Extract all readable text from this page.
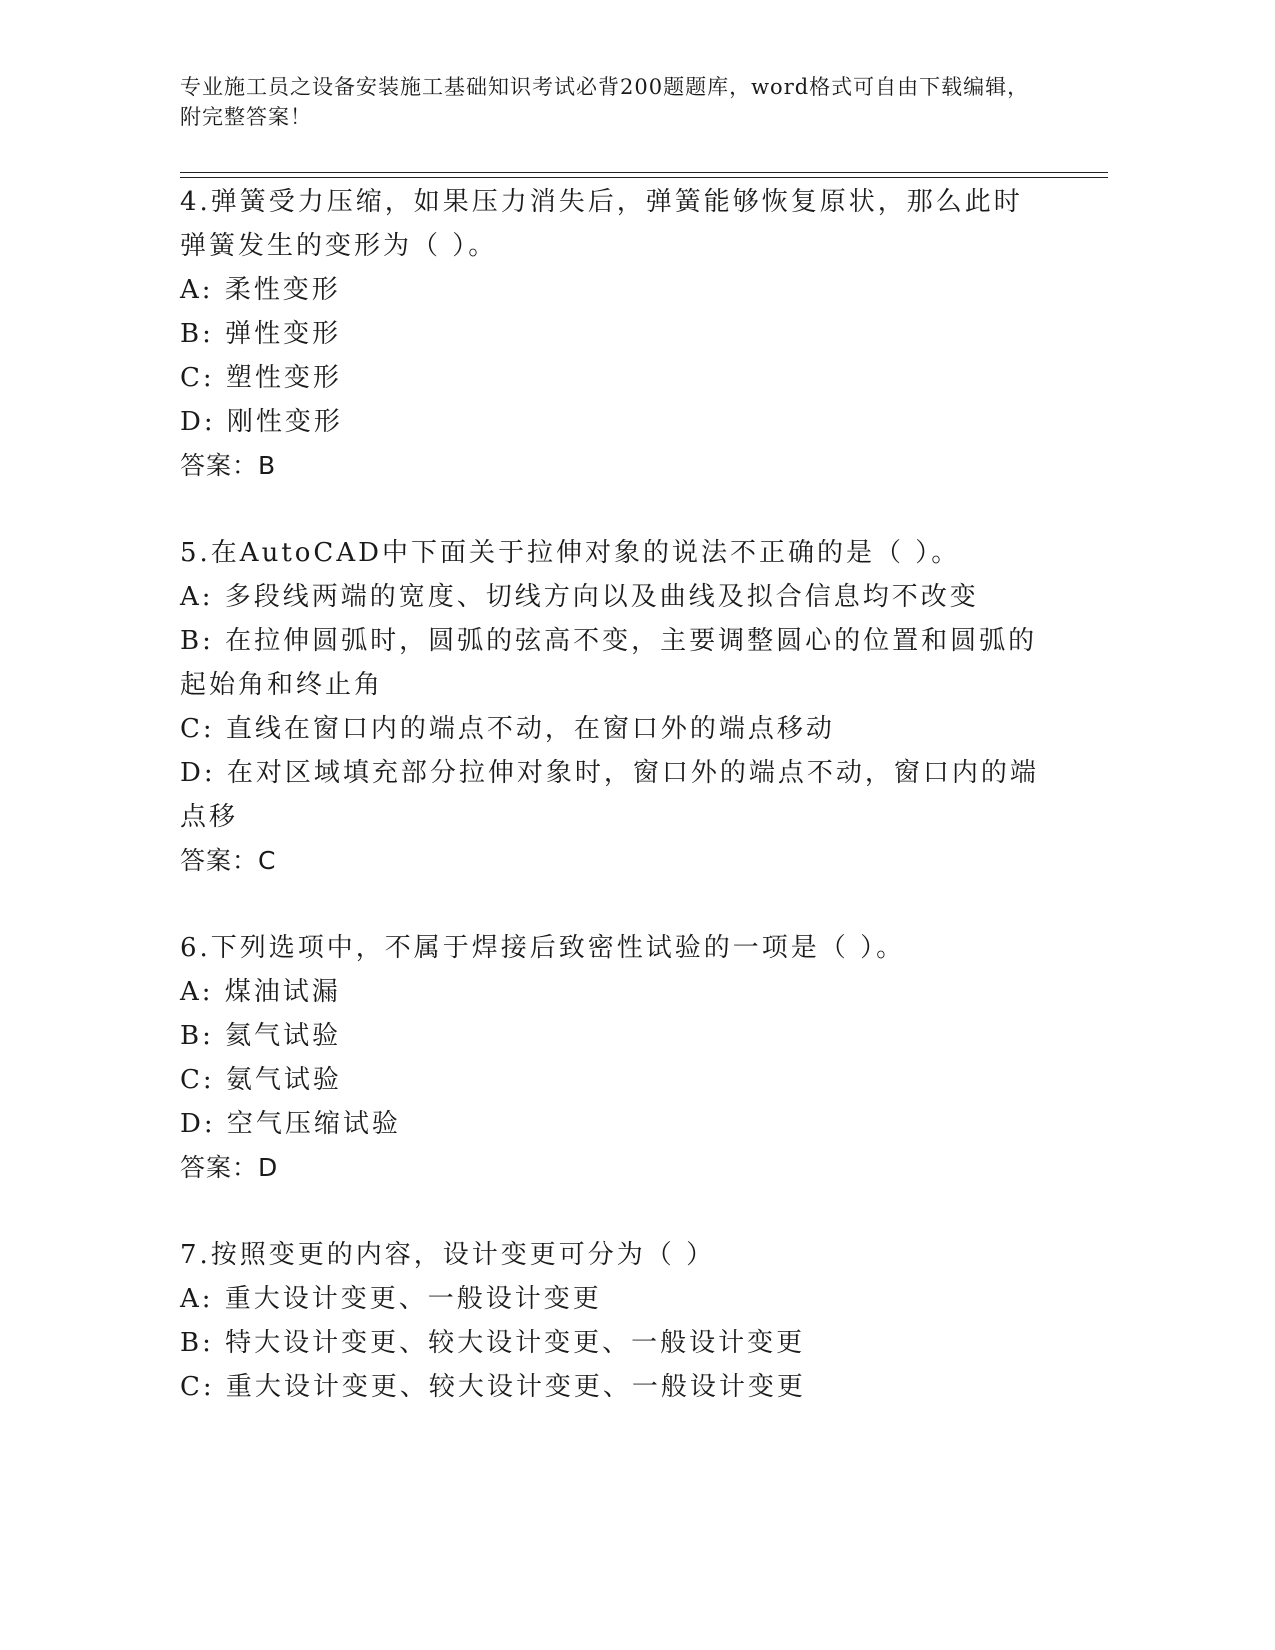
专业施工员之设备安装施工基础知识考试必背200题题库，word格式可自由下载编辑，附完整答案！
4.弹簧受力压缩，如果压力消失后，弹簧能够恢复原状，那么此时弹簧发生的变形为（ ）。
A: 柔性变形
B: 弹性变形
C: 塑性变形
D: 刚性变形
答案：B
5.在AutoCAD中下面关于拉伸对象的说法不正确的是（ ）。
A: 多段线两端的宽度、切线方向以及曲线及拟合信息均不改变
B: 在拉伸圆弧时，圆弧的弦高不变，主要调整圆心的位置和圆弧的起始角和终止角
C: 直线在窗口内的端点不动，在窗口外的端点移动
D: 在对区域填充部分拉伸对象时，窗口外的端点不动，窗口内的端点移
答案：C
6.下列选项中，不属于焊接后致密性试验的一项是（ ）。
A: 煤油试漏
B: 氦气试验
C: 氨气试验
D: 空气压缩试验
答案：D
7.按照变更的内容，设计变更可分为（ ）
A: 重大设计变更、一般设计变更
B: 特大设计变更、较大设计变更、一般设计变更
C: 重大设计变更、较大设计变更、一般设计变更
